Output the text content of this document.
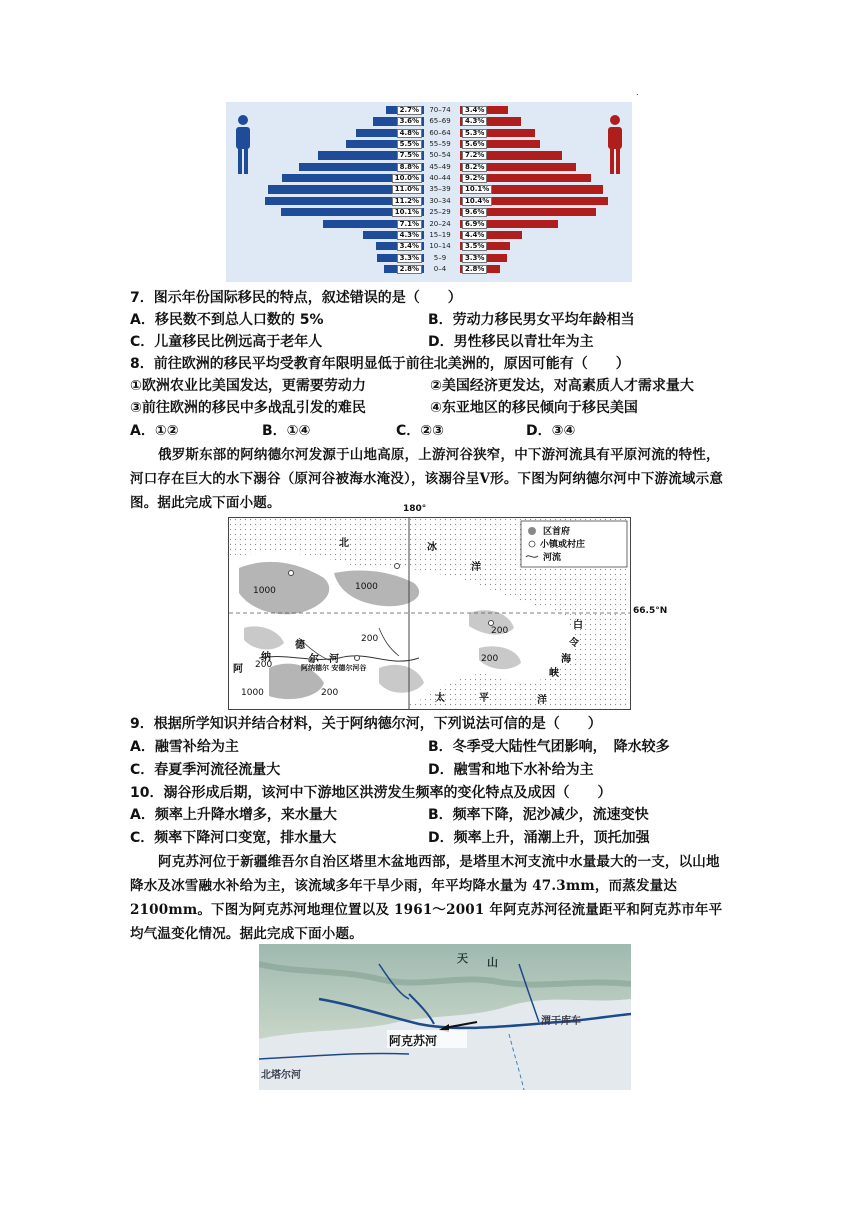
.
2.7%	70–74	3.4%
3.6%	65–69	4.3%
4.8%	60–64	5.3%
5.5%	55–59	5.6%
7.5%	50–54	7.2%
8.8%	45–49	8.2%
10.0%	40–44	9.2%
11.0%	35–39	10.1%
11.2%	30–34	10.4%
10.1%	25–29	9.6%
7.1%	20–24	6.9%
4.3%	15–19	4.4%
3.4%	10–14	3.5%
3.3%	5–9	3.3%
2.8%	0–4	2.8%
7．图示年份国际移民的特点，叙述错误的是（　　）
A．移民数不到总人口数的 5%	B．劳动力移民男女平均年龄相当
C．儿童移民比例远高于老年人	D．男性移民以青壮年为主
8．前往欧洲的移民平均受教育年限明显低于前往北美洲的，原因可能有（　　）
①欧洲农业比美国发达，更需要劳动力	②美国经济更发达，对高素质人才需求量大
③前往欧洲的移民中多战乱引发的难民	④东亚地区的移民倾向于移民美国
A．①②	B．①④	C．②③	D．③④
俄罗斯东部的阿纳德尔河发源于山地高原，上游河谷狭窄，中下游河流具有平原河流的特性，河口存在巨大的水下溺谷（原河谷被海水淹没），该溺谷呈Ⅴ形。下图为阿纳德尔河中下游流域示意图。据此完成下面小题。	180°
区首府
小镇或村庄
河流
北	冰
洋
太	平	洋
白
令
海
峡
德
尔 河
纳
阿	阿纳德尔 安德尔河谷
1000	1000
1000
200
200
200
200
200
66.5°N
9．根据所学知识并结合材料，关于阿纳德尔河，下列说法可信的是（　　）
A．融雪补给为主	B．冬季受大陆性气团影响，　降水较多
C．春夏季河流径流量大	D．融雪和地下水补给为主
10．溺谷形成后期，该河中下游地区洪涝发生频率的变化特点及成因（　　）
A．频率上升降水增多，来水量大	B．频率下降，泥沙减少，流速变快
C．频率下降河口变宽，排水量大	D．频率上升，涌潮上升，顶托加强
阿克苏河位于新疆维吾尔自治区塔里木盆地西部，是塔里木河支流中水量最大的一支，以山地降水及冰雪融水补给为主，该流域多年干旱少雨，年平均降水量为 47.3mm，而蒸发量达 2100mm。下图为阿克苏河地理位置以及 1961～2001 年阿克苏河径流量距平和阿克苏市年平均气温变化情况。据此完成下面小题。
天 山
阿克苏河
渭干库车
北塔尔河
